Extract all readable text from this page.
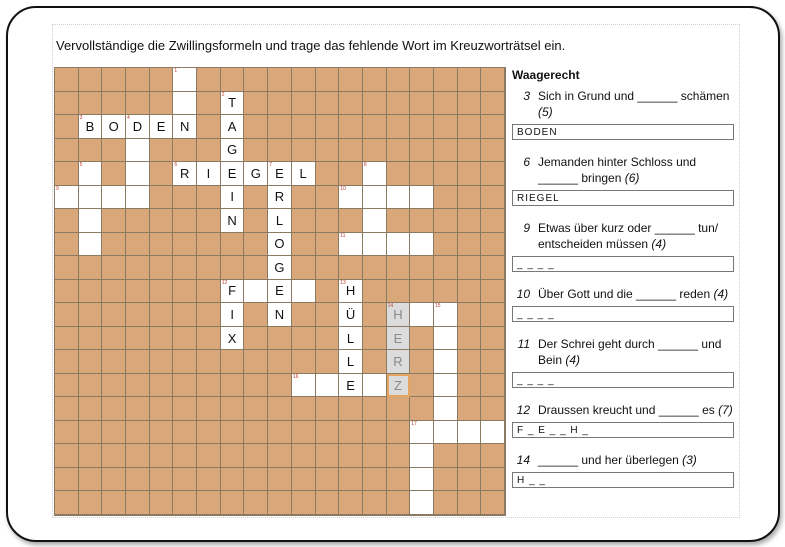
Vervollständige die Zwillingsformeln und trage das fehlende Wort im Kreuzworträtsel ein.
1
2
T
3
B	O
4
D	E	N	A
G
5	6
R	I	E	G
7
E	L
8
9
I	R
10
N	L
O
11
G
12
F	E
13
H
I	N	Ü
14
H
15
X	L	E
L	R
16
E	Z
17
Waagerecht
3 Sich in Grund und ______ schämen (5)
BODEN
6 Jemanden hinter Schloss und ______ bringen (6)
RIEGEL
9 Etwas über kurz oder ______ tun/ entscheiden müssen (4)
_ _ _ _
10 Über Gott und die ______ reden (4)
_ _ _ _
11 Der Schrei geht durch ______ und Bein (4)
_ _ _ _
12 Draussen kreucht und ______ es (7)
F _ E _ _ H _
14 ______ und her überlegen (3)
H _ _
